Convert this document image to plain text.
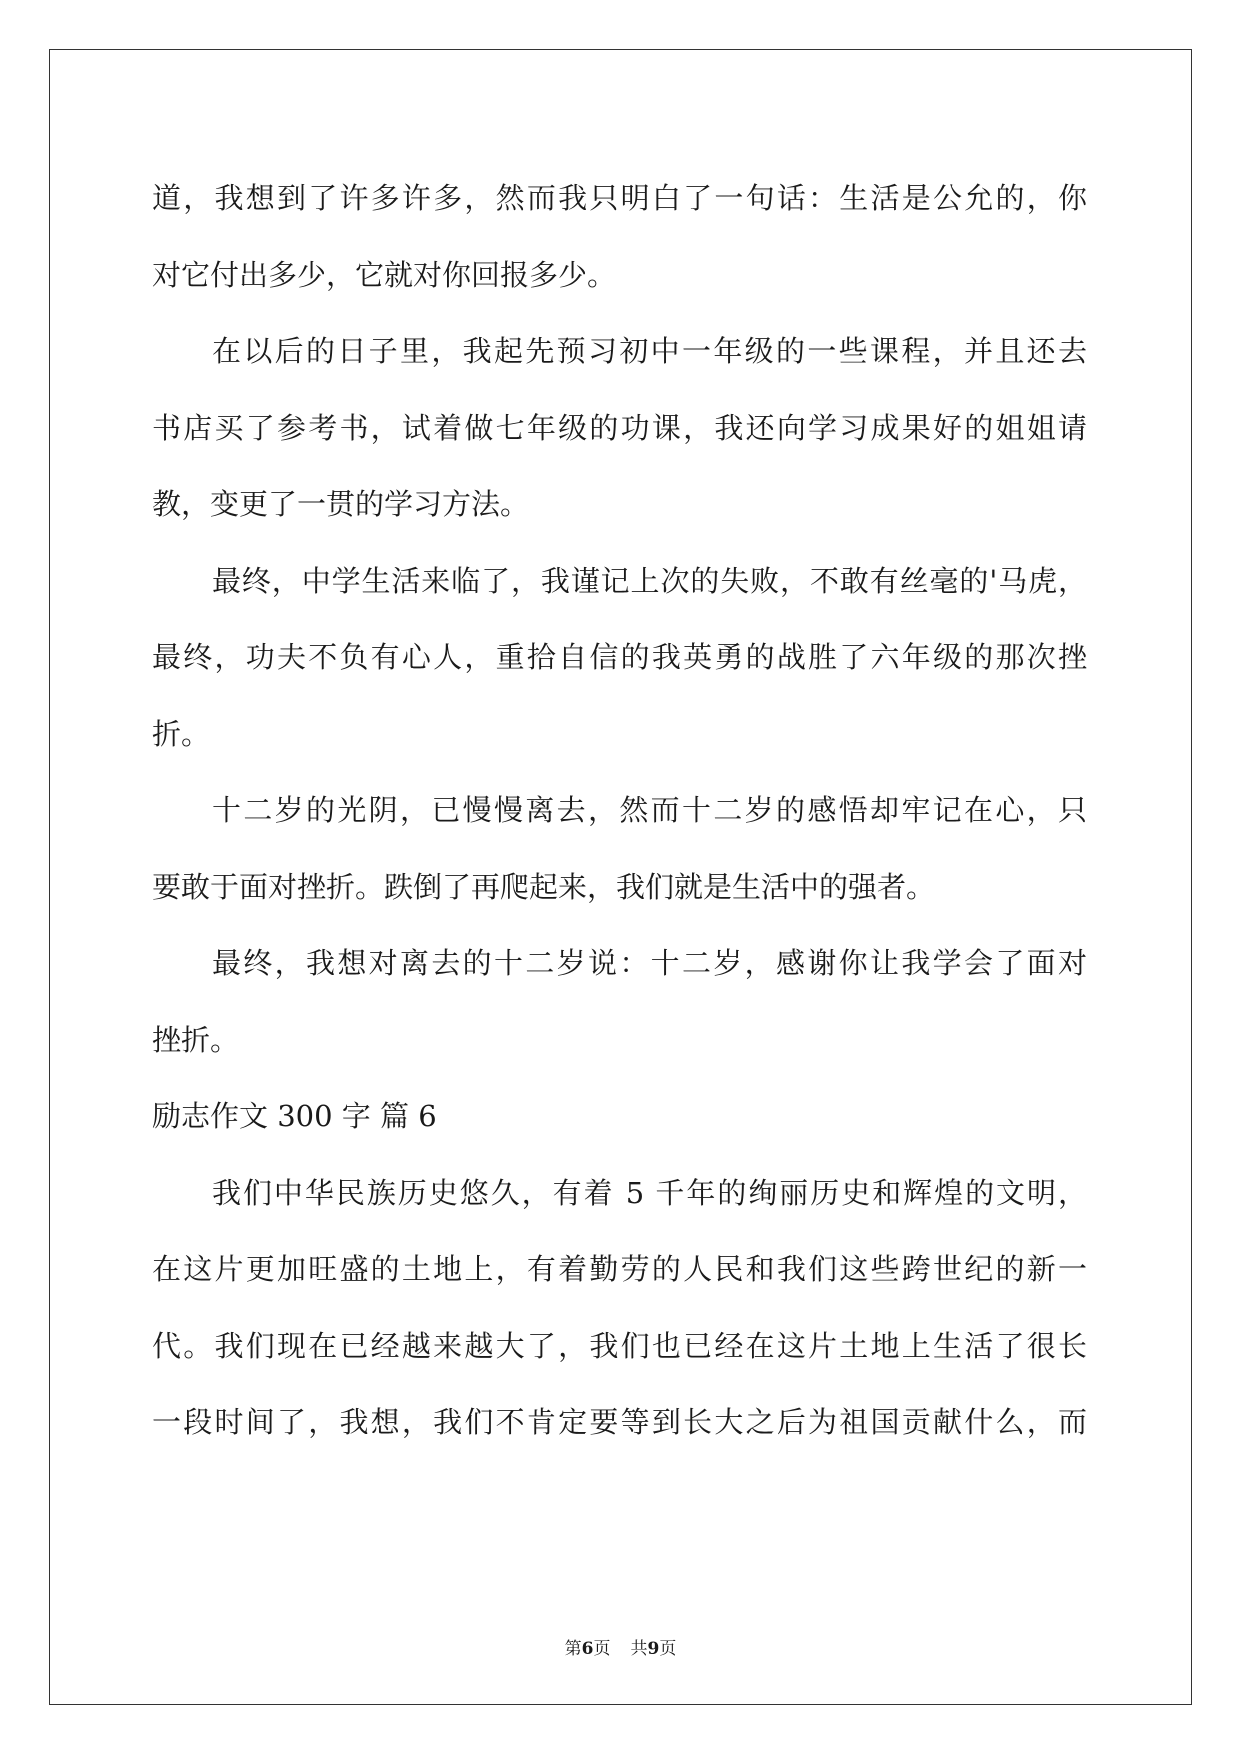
道，我想到了许多许多，然而我只明白了一句话：生活是公允的，你
对它付出多少，它就对你回报多少。
在以后的日子里，我起先预习初中一年级的一些课程，并且还去
书店买了参考书，试着做七年级的功课，我还向学习成果好的姐姐请
教，变更了一贯的学习方法。
最终，中学生活来临了，我谨记上次的失败，不敢有丝毫的'马虎，
最终，功夫不负有心人，重拾自信的我英勇的战胜了六年级的那次挫
折。
十二岁的光阴，已慢慢离去，然而十二岁的感悟却牢记在心，只
要敢于面对挫折。跌倒了再爬起来，我们就是生活中的强者。
最终，我想对离去的十二岁说：十二岁，感谢你让我学会了面对
挫折。
励志作文 300 字 篇 6
我们中华民族历史悠久，有着 5 千年的绚丽历史和辉煌的文明，
在这片更加旺盛的土地上，有着勤劳的人民和我们这些跨世纪的新一
代。我们现在已经越来越大了，我们也已经在这片土地上生活了很长
一段时间了，我想，我们不肯定要等到长大之后为祖国贡献什么，而
第6页 共9页
